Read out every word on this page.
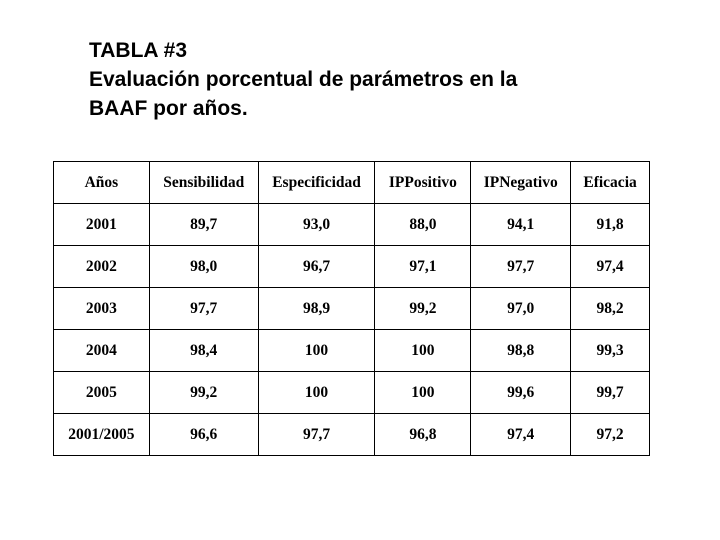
TABLA #3
Evaluación porcentual de parámetros en la
BAAF por años.
Años	Sensibilidad	Especificidad	IPPositivo	IPNegativo	Eficacia
2001	89,7	93,0	88,0	94,1	91,8
2002	98,0	96,7	97,1	97,7	97,4
2003	97,7	98,9	99,2	97,0	98,2
2004	98,4	100	100	98,8	99,3
2005	99,2	100	100	99,6	99,7
2001/2005	96,6	97,7	96,8	97,4	97,2
